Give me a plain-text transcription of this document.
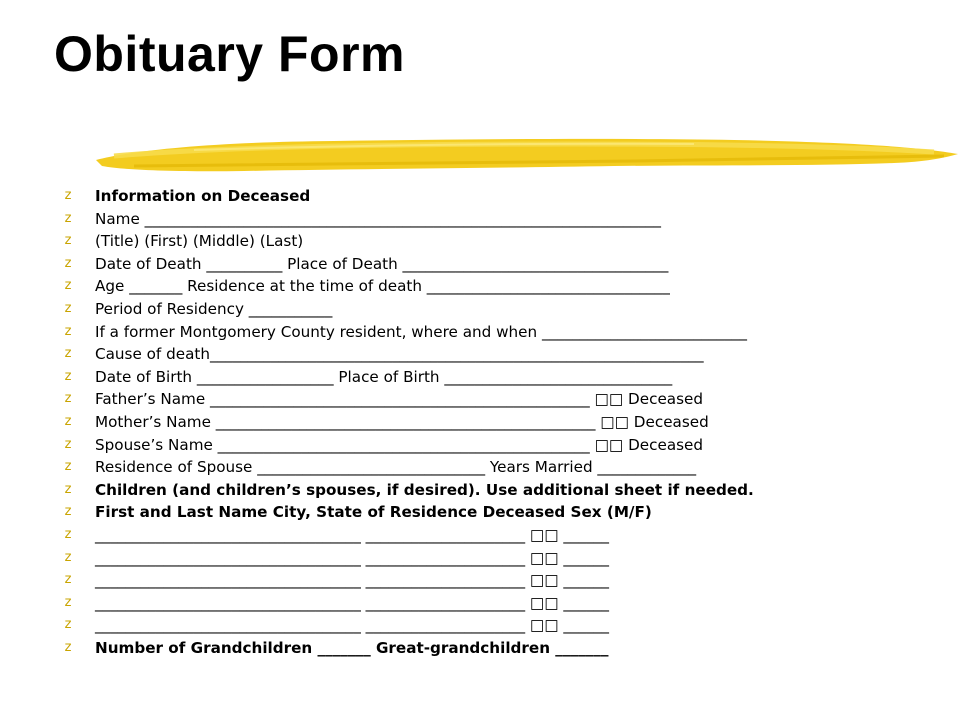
Obituary Form
z	Information on Deceased
z	Name ____________________________________________________________________
z	(Title) (First) (Middle) (Last)
z	Date of Death __________ Place of Death ___________________________________
z	Age _______ Residence at the time of death ________________________________
z	Period of Residency ___________
z	If a former Montgomery County resident, where and when ___________________________
z	Cause of death_________________________________________________________________
z	Date of Birth __________________ Place of Birth ______________________________
z	Father’s Name __________________________________________________ □□ Deceased
z	Mother’s Name __________________________________________________ □□ Deceased
z	Spouse’s Name _________________________________________________ □□ Deceased
z	Residence of Spouse ______________________________ Years Married _____________
z	Children (and children’s spouses, if desired). Use additional sheet if needed.
z	First and Last Name City, State of Residence Deceased Sex (M/F)
z	___________________________________ _____________________ □□ ______
z	___________________________________ _____________________ □□ ______
z	___________________________________ _____________________ □□ ______
z	___________________________________ _____________________ □□ ______
z	___________________________________ _____________________ □□ ______
z	Number of Grandchildren _______ Great-grandchildren _______
